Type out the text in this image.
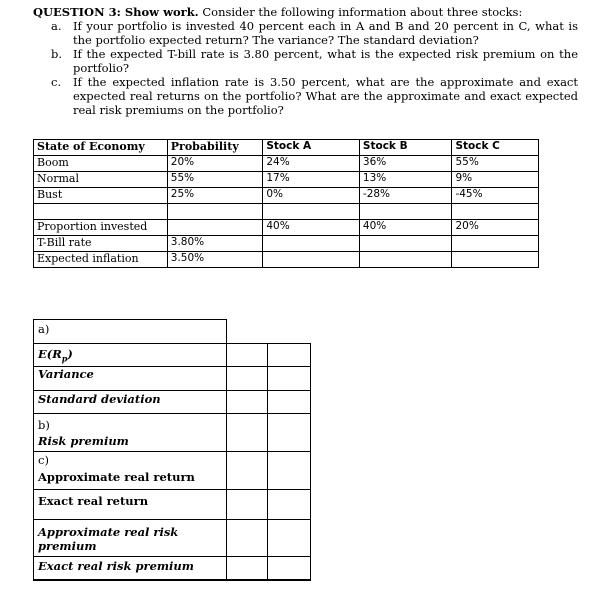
QUESTION 3: Show work. Consider the following information about three stocks:
a. If your portfolio is invested 40 percent each in A and B and 20 percent in C, what is the portfolio expected return? The variance? The standard deviation?
b. If the expected T-bill rate is 3.80 percent, what is the expected risk premium on the portfolio?
c. If the expected inflation rate is 3.50 percent, what are the approximate and exact expected real returns on the portfolio? What are the approximate and exact expected real risk premiums on the portfolio?
State of Economy	Probability	Stock A	Stock B	Stock C
Boom	20%	24%	36%	55%
Normal	55%	17%	13%	9%
Bust	25%	0%	-28%	-45%

Proportion invested		40%	40%	20%
T-Bill rate	3.80%			
Expected inflation	3.50%			
a)
$E(R_p)$
Variance
Standard deviation
b)
Risk premium
c)
Approximate real return
Exact real return
Approximate real risk premium
Exact real risk premium
